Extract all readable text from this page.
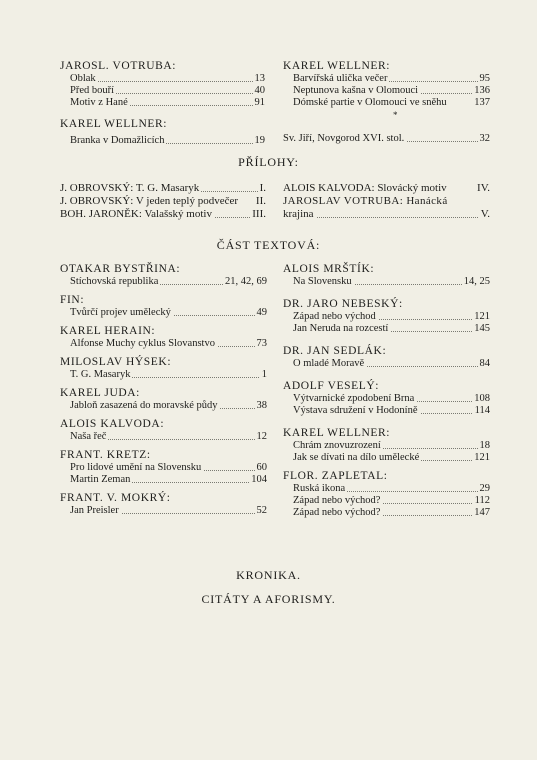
JAROSL. VOTRUBA:
Oblak	13
Před bouří	40
Motiv z Hané	91
KAREL WELLNER:
Branka v Domažlicích	19
KAREL WELLNER:
Barvířská ulička večer	95
Neptunova kašna v Olomouci	136
Dómské partie v Olomouci ve sněhu	137
*
Sv. Jiří, Novgorod XVI. stol.	32
PŘÍLOHY:
J. OBROVSKÝ: T. G. Masaryk	I.
J. OBROVSKÝ: V jeden teplý podvečer II.
BOH. JARONĚK: Valašský motiv	III.
ALOIS KALVODA: Slovácký motiv	IV.
JAROSLAV VOTRUBA: Hanácká
krajina	V.
ČÁST TEXTOVÁ:
OTAKAR BYSTŘINA:
Stíchovská republika	21, 42, 69
FIN:
Tvůrčí projev umělecký	49
KAREL HERAIN:
Alfonse Muchy cyklus Slovanstvo	73
MILOSLAV HÝSEK:
T. G. Masaryk	1
KAREL JUDA:
Jabloň zasazená do moravské půdy	38
ALOIS KALVODA:
Naša řeč	12
FRANT. KRETZ:
Pro lidové umění na Slovensku	60
Martin Zeman	104
FRANT. V. MOKRÝ:
Jan Preisler	52
ALOIS MRŠTÍK:
Na Slovensku	14, 25
DR. JARO NEBESKÝ:
Západ nebo východ	121
Jan Neruda na rozcestí	145
DR. JAN SEDLÁK:
O mladé Moravě	84
ADOLF VESELÝ:
Výtvarnické zpodobení Brna	108
Výstava sdružení v Hodoníně	114
KAREL WELLNER:
Chrám znovuzrození	18
Jak se dívati na dílo umělecké	121
FLOR. ZAPLETAL:
Ruská ikona	29
Západ nebo východ?	112
Západ nebo východ?	147
KRONIKA.
CITÁTY A AFORISMY.
